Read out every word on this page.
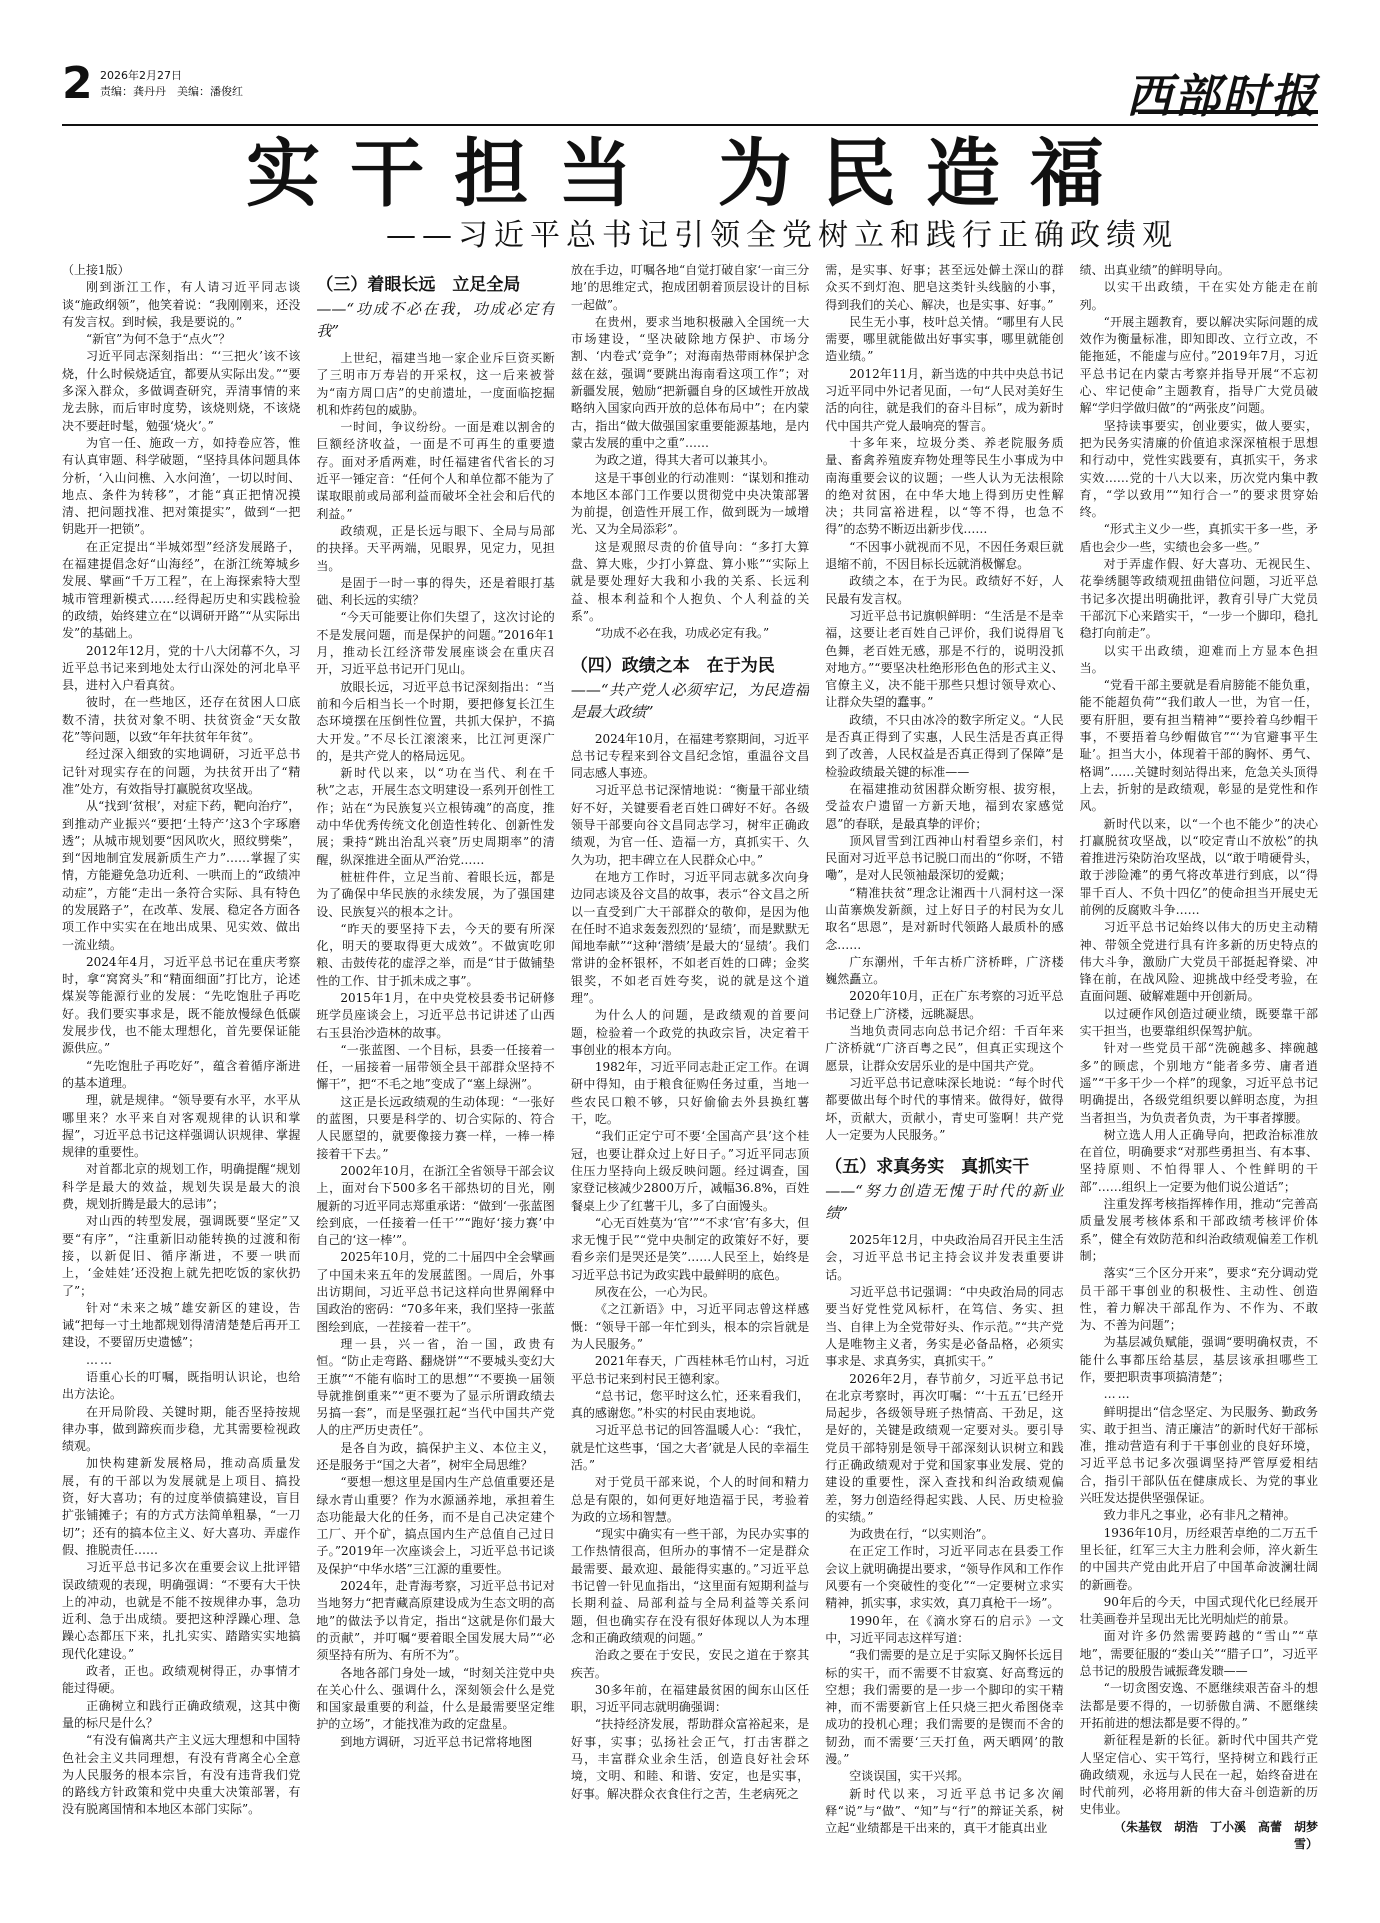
2 2026年2月27日
责编：龚丹丹　美编：潘俊红	西部时报
实干担当 为民造福
——习近平总书记引领全党树立和践行正确政绩观

（上接1版）

刚到浙江工作，有人请习近平同志谈谈“施政纲领”，他笑着说：“我刚刚来，还没有发言权。到时候，我是要说的。”

“新官”为何不急于“点火”？

习近平同志深刻指出：“‘三把火’该不该烧，什么时候烧适宜，都要从实际出发。”“要多深入群众，多做调查研究，弄清事情的来龙去脉，而后审时度势，该烧则烧，不该烧决不要赶时髦，勉强‘烧火’。”

为官一任、施政一方，如持卷应答，惟有认真审题、科学破题，“坚持具体问题具体分析，‘入山问樵、入水问渔’，一切以时间、地点、条件为转移”，才能“真正把情况摸清、把问题找准、把对策提实”，做到“一把钥匙开一把锁”。

在正定提出“半城郊型”经济发展路子，在福建提倡念好“山海经”，在浙江统筹城乡发展、擘画“千万工程”，在上海探索特大型城市管理新模式……经得起历史和实践检验的政绩，始终建立在“以调研开路”“从实际出发”的基础上。

2012年12月，党的十八大闭幕不久，习近平总书记来到地处太行山深处的河北阜平县，进村入户看真贫。

彼时，在一些地区，还存在贫困人口底数不清，扶贫对象不明、扶贫资金“天女散花”等问题，以致“年年扶贫年年贫”。

经过深入细致的实地调研，习近平总书记针对现实存在的问题，为扶贫开出了“精准”处方，有效指导打赢脱贫攻坚战。

从“找到‘贫根’，对症下药，靶向治疗”，到推动产业振兴“要把‘土特产’这3个字琢磨透”；从城市规划要“因风吹火，照纹劈柴”，到“因地制宜发展新质生产力”……掌握了实情，方能避免急功近利、一哄而上的“政绩冲动症”，方能“走出一条符合实际、具有特色的发展路子”，在改革、发展、稳定各方面各项工作中实实在在地出成果、见实效、做出一流业绩。

2024年4月，习近平总书记在重庆考察时，拿“窝窝头”和“精面细面”打比方，论述煤炭等能源行业的发展：“先吃饱肚子再吃好。我们要实事求是，既不能放慢绿色低碳发展步伐，也不能太理想化，首先要保证能源供应。”

“先吃饱肚子再吃好”，蕴含着循序渐进的基本道理。

理，就是规律。“领导要有水平，水平从哪里来？水平来自对客观规律的认识和掌握”，习近平总书记这样强调认识规律、掌握规律的重要性。

对首都北京的规划工作，明确提醒“规划科学是最大的效益，规划失误是最大的浪费，规划折腾是最大的忌讳”；

对山西的转型发展，强调既要“坚定”又要“有序”，“注重新旧动能转换的过渡和衔接，以新促旧、循序渐进，不要一哄而上，‘金娃娃’还没抱上就先把吃饭的家伙扔了”；

针对“未来之城”雄安新区的建设，告诫“把每一寸土地都规划得清清楚楚后再开工建设，不要留历史遗憾”；

……

语重心长的叮嘱，既指明认识论，也给出方法论。

在开局阶段、关键时期，能否坚持按规律办事，做到蹄疾而步稳，尤其需要检视政绩观。

加快构建新发展格局，推动高质量发展，有的干部以为发展就是上项目、搞投资，好大喜功；有的过度举债搞建设，盲目扩张铺摊子；有的方式方法简单粗暴，“一刀切”；还有的搞本位主义、好大喜功、弄虚作假、推脱责任……

习近平总书记多次在重要会议上批评错误政绩观的表现，明确强调：“不要有大干快上的冲动，也就是不能不按规律办事，急功近利、急于出成绩。要把这种浮躁心理、急躁心态都压下来，扎扎实实、踏踏实实地搞现代化建设。”

政者，正也。政绩观树得正，办事情才能过得硬。

正确树立和践行正确政绩观，这其中衡量的标尺是什么？

“有没有偏离共产主义远大理想和中国特色社会主义共同理想，有没有背离全心全意为人民服务的根本宗旨，有没有违背我们党的路线方针政策和党中央重大决策部署，有没有脱离国情和本地区本部门实际”。

（三）着眼长远　立足全局
——“功成不必在我，功成必定有我”

上世纪，福建当地一家企业斥巨资买断了三明市万寿岩的开采权，这一后来被誉为“南方周口店”的史前遗址，一度面临挖掘机和炸药包的威胁。

一时间，争议纷纷。一面是难以割舍的巨额经济收益，一面是不可再生的重要遗存。面对矛盾两难，时任福建省代省长的习近平一锤定音：“任何个人和单位都不能为了谋取眼前或局部利益而破坏全社会和后代的利益。”

政绩观，正是长远与眼下、全局与局部的抉择。天平两端，见眼界，见定力，见担当。

是固于一时一事的得失，还是着眼打基础、利长远的实绩？

“今天可能要让你们失望了，这次讨论的不是发展问题，而是保护的问题。”2016年1月，推动长江经济带发展座谈会在重庆召开，习近平总书记开门见山。

放眼长远，习近平总书记深刻指出：“当前和今后相当长一个时期，要把修复长江生态环境摆在压倒性位置，共抓大保护，不搞大开发。”不尽长江滚滚来，比江河更深广的，是共产党人的格局远见。

新时代以来，以“功在当代、利在千秋”之志，开展生态文明建设一系列开创性工作；站在“为民族复兴立根铸魂”的高度，推动中华优秀传统文化创造性转化、创新性发展；秉持“跳出治乱兴衰”历史周期率”的清醒，纵深推进全面从严治党……

桩桩件件，立足当前、着眼长远，都是为了确保中华民族的永续发展，为了强国建设、民族复兴的根本之计。

“昨天的要坚持下去，今天的要有所深化，明天的要取得更大成效”。不做寅吃卯粮、击鼓传花的虚浮之举，而是“甘于做铺垫性的工作、甘于抓未成之事”。

2015年1月，在中央党校县委书记研修班学员座谈会上，习近平总书记讲述了山西右玉县治沙造林的故事。

“一张蓝图、一个目标，县委一任接着一任，一届接着一届带领全县干部群众坚持不懈干”，把“不毛之地”变成了“塞上绿洲”。

这正是长远政绩观的生动体现：“一张好的蓝图，只要是科学的、切合实际的、符合人民愿望的，就要像接力赛一样，一棒一棒接着干下去。”

2002年10月，在浙江全省领导干部会议上，面对台下500多名干部热切的目光，刚履新的习近平同志郑重承诺：“做到‘一张蓝图绘到底，一任接着一任干’”“跑好‘接力赛’中自己的‘这一棒’”。

2025年10月，党的二十届四中全会擘画了中国未来五年的发展蓝图。一周后，外事出访期间，习近平总书记这样向世界阐释中国政治的密码：“70多年来，我们坚持一张蓝图绘到底，一茬接着一茬干”。

理一县，兴一省，治一国，政贵有恒。“防止走弯路、翻烧饼”“不要城头变幻大王旗”“不能有临时工的思想”“不要换一届领导就推倒重来”“更不要为了显示所谓政绩去另搞一套”，而是坚强扛起“当代中国共产党人的庄严历史责任”。

是各自为政，搞保护主义、本位主义，还是服务于“国之大者”，树牢全局思维？

“要想一想这里是国内生产总值重要还是绿水青山重要？作为水源涵养地，承担着生态功能最大化的任务，而不是自己决定建个工厂、开个矿，搞点国内生产总值自己过日子。”2019年一次座谈会上，习近平总书记谈及保护“中华水塔”三江源的重要性。

2024年，赴青海考察，习近平总书记对当地努力“把青藏高原建设成为生态文明的高地”的做法予以肯定，指出“这就是你们最大的贡献”，并叮嘱“要着眼全国发展大局”“必须坚持有所为、有所不为”。

各地各部门身处一域，“时刻关注党中央在关心什么、强调什么，深刻领会什么是党和国家最重要的利益，什么是最需要坚定维护的立场”，才能找准为政的定盘星。

到地方调研，习近平总书记常将地图

放在手边，叮嘱各地“自觉打破自家‘一亩三分地’的思维定式，抱成团朝着顶层设计的目标一起做”。

在贵州，要求当地积极融入全国统一大市场建设，“坚决破除地方保护、市场分割、‘内卷式’竞争”；对海南热带雨林保护念兹在兹，强调“要跳出海南看这项工作”；对新疆发展，勉励“把新疆自身的区域性开放战略纳入国家向西开放的总体布局中”；在内蒙古，指出“做大做强国家重要能源基地，是内蒙古发展的重中之重”……

为政之道，得其大者可以兼其小。

这是干事创业的行动准则：“谋划和推动本地区本部门工作要以贯彻党中央决策部署为前提，创造性开展工作，做到既为一域增光、又为全局添彩”。

这是观照尽责的价值导向：“多打大算盘、算大账，少打小算盘、算小账”“实际上就是要处理好大我和小我的关系、长远利益、根本利益和个人抱负、个人利益的关系”。

“功成不必在我，功成必定有我。”

（四）政绩之本　在于为民
——“共产党人必须牢记，为民造福是最大政绩”

2024年10月，在福建考察期间，习近平总书记专程来到谷文昌纪念馆，重温谷文昌同志感人事迹。

习近平总书记深情地说：“衡量干部业绩好不好，关键要看老百姓口碑好不好。各级领导干部要向谷文昌同志学习，树牢正确政绩观，为官一任、造福一方，真抓实干、久久为功，把丰碑立在人民群众心中。”

在地方工作时，习近平同志就多次向身边同志谈及谷文昌的故事，表示“谷文昌之所以一直受到广大干部群众的敬仰，是因为他在任时不追求轰轰烈烈的‘显绩’，而是默默无闻地奉献”“这种‘潜绩’是最大的‘显绩’。我们常讲的金杯银杯，不如老百姓的口碑；金奖银奖，不如老百姓夸奖，说的就是这个道理”。

为什么人的问题，是政绩观的首要问题，检验着一个政党的执政宗旨，决定着干事创业的根本方向。

1982年，习近平同志赴正定工作。在调研中得知，由于粮食征购任务过重，当地一些农民口粮不够，只好偷偷去外县换红薯干，吃。

“我们正定宁可不要‘全国高产县’这个桂冠，也要让群众过上好日子。”习近平同志顶住压力坚持向上级反映问题。经过调查，国家登记核减少2800万斤，减幅36.8%，百姓餐桌上少了红薯干儿，多了白面馒头。

“心无百姓莫为‘官’”“不求‘官’有多大，但求无愧于民”“党中央制定的政策好不好，要看乡亲们是哭还是笑”……人民至上，始终是习近平总书记为政实践中最鲜明的底色。

夙夜在公，一心为民。

《之江新语》中，习近平同志曾这样感慨：“领导干部一年忙到头，根本的宗旨就是为人民服务。”

2021年春天，广西桂林毛竹山村，习近平总书记来到村民王德利家。

“总书记，您平时这么忙，还来看我们，真的感谢您。”朴实的村民由衷地说。

习近平总书记的回答温暖人心：“我忙，就是忙这些事，‘国之大者’就是人民的幸福生活。”

对于党员干部来说，个人的时间和精力总是有限的，如何更好地造福于民，考验着为政的立场和智慧。

“现实中确实有一些干部，为民办实事的工作热情很高，但所办的事情不一定是群众最需要、最欢迎、最能得实惠的。”习近平总书记曾一针见血指出，“这里面有短期利益与长期利益、局部利益与全局利益等关系问题，但也确实存在没有很好体现以人为本理念和正确政绩观的问题。”

治政之要在于安民，安民之道在于察其疾苦。

30多年前，在福建最贫困的闽东山区任职，习近平同志就明确强调：

“扶持经济发展，帮助群众富裕起来，是好事，实事；弘扬社会正气，打击害群之马，丰富群众业余生活，创造良好社会环境，文明、和睦、和谐、安定，也是实事，好事。解决群众衣食住行之苦，生老病死之

需，是实事、好事；甚至远处僻土深山的群众买不到灯泡、肥皂这类针头线脑的小事，得到我们的关心、解决，也是实事、好事。”

民生无小事，枝叶总关情。“哪里有人民需要，哪里就能做出好事实事，哪里就能创造业绩。”

2012年11月，新当选的中共中央总书记习近平同中外记者见面，一句“人民对美好生活的向往，就是我们的奋斗目标”，成为新时代中国共产党人最响亮的誓言。

十多年来，垃圾分类、养老院服务质量、畜禽养殖废弃物处理等民生小事成为中南海重要会议的议题；一些人认为无法根除的绝对贫困，在中华大地上得到历史性解决；共同富裕进程，以“等不得，也急不得”的态势不断迈出新步伐……

“不因事小就视而不见，不因任务艰巨就退缩不前，不因目标长远就消极懈怠。

政绩之本，在于为民。政绩好不好，人民最有发言权。

习近平总书记旗帜鲜明：“生活是不是幸福，这要让老百姓自己评价，我们说得眉飞色舞，老百姓无感，那是不行的，说明没抓对地方。”“要坚决杜绝形形色色的形式主义、官僚主义，决不能干那些只想讨领导欢心、让群众失望的蠢事。”

政绩，不只由冰冷的数字所定义。“人民是否真正得到了实惠，人民生活是否真正得到了改善，人民权益是否真正得到了保障”是检验政绩最关键的标准——

在福建推动贫困群众断穷根、拔穷根，受益农户遗留一方新天地，福到农家感觉恩”的春联，是最真挚的评价；

顶风冒雪到江西神山村看望乡亲们，村民面对习近平总书记脱口而出的“你呀，不错嘞”，是对人民领袖最深切的爱戴；

“精准扶贫”理念让湘西十八洞村这一深山苗寨焕发新颜，过上好日子的村民为女儿取名“思恩”，是对新时代领路人最质朴的感念……

广东潮州，千年古桥广济桥畔，广济楼巍然矗立。

2020年10月，正在广东考察的习近平总书记登上广济楼，远眺凝思。

当地负责同志向总书记介绍：千百年来广济桥就“广济百粤之民”，但真正实现这个愿景，让群众安居乐业的是中国共产党。

习近平总书记意味深长地说：“每个时代都要做出每个时代的事情来。做得好，做得坏，贡献大，贡献小，青史可鉴啊！共产党人一定要为人民服务。”

（五）求真务实　真抓实干
——“努力创造无愧于时代的新业绩”

2025年12月，中央政治局召开民主生活会，习近平总书记主持会议并发表重要讲话。

习近平总书记强调：“中央政治局的同志要当好党性党风标杆，在笃信、务实、担当、自律上为全党带好头、作示范。”“共产党人是唯物主义者，务实是必备品格，必须实事求是、求真务实，真抓实干。”

2026年2月，春节前夕，习近平总书记在北京考察时，再次叮嘱：“‘十五五’已经开局起步，各级领导班子热情高、干劲足，这是好的，关键是政绩观一定要对头。要引导党员干部特别是领导干部深刻认识树立和践行正确政绩观对于党和国家事业发展、党的建设的重要性，深入查找和纠治政绩观偏差，努力创造经得起实践、人民、历史检验的实绩。”

为政贵在行，“以实则治”。

在正定工作时，习近平同志在县委工作会议上就明确提出要求，“领导作风和工作作风要有一个突破性的变化”“一定要树立求实精神，抓实事，求实效，真刀真枪干一场”。

1990年，在《滴水穿石的启示》一文中，习近平同志这样写道：

“我们需要的是立足于实际又胸怀长远目标的实干，而不需要不甘寂寞、好高骛远的空想；我们需要的是一步一个脚印的实干精神，而不需要新官上任只烧三把火希图侥幸成功的投机心理；我们需要的是锲而不舍的韧劲，而不需要‘三天打鱼，两天晒网’的散漫。”

空谈误国，实干兴邦。

新时代以来，习近平总书记多次阐释“说”与“做”、“知”与“行”的辩证关系，树立起“业绩都是干出来的，真干才能真出业

绩、出真业绩”的鲜明导向。

以实干出政绩，干在实处方能走在前列。

“开展主题教育，要以解决实际问题的成效作为衡量标准，即知即改、立行立改，不能拖延，不能虚与应付。”2019年7月，习近平总书记在内蒙古考察并指导开展“不忘初心、牢记使命”主题教育，指导广大党员破解“学归学做归做”的“两张皮”问题。

坚持读事要实，创业要实，做人要实，把为民务实清廉的价值追求深深植根于思想和行动中，党性实践要有，真抓实干，务求实效……党的十八大以来，历次党内集中教育，“学以致用”“知行合一”的要求贯穿始终。

“形式主义少一些，真抓实干多一些，矛盾也会少一些，实绩也会多一些。”

对于弄虚作假、好大喜功、无视民生、花拳绣腿等政绩观扭曲错位问题，习近平总书记多次提出明确批评，教育引导广大党员干部沉下心来踏实干，“一步一个脚印，稳扎稳打向前走”。

以实干出政绩，迎难而上方显本色担当。

“党看干部主要就是看肩膀能不能负重，能不能超负荷”“我们敢人一世，为官一任，要有肝胆，要有担当精神”“要拎着乌纱帽干事，不要捂着乌纱帽做官”“‘为官避事平生耻’。担当大小，体现着干部的胸怀、勇气、格调”……关键时刻站得出来，危急关头顶得上去，折射的是政绩观，彰显的是党性和作风。

新时代以来，以“一个也不能少”的决心打赢脱贫攻坚战，以“咬定青山不放松”的执着推进污染防治攻坚战，以“敢于啃硬骨头，敢于涉险滩”的勇气将改革进行到底，以“得罪千百人、不负十四亿”的使命担当开展史无前例的反腐败斗争……

习近平总书记始终以伟大的历史主动精神、带领全党进行具有许多新的历史特点的伟大斗争，激励广大党员干部挺起脊梁、冲锋在前，在战风险、迎挑战中经受考验，在直面问题、破解难题中开创新局。

以过硬作风创造过硬业绩，既要靠干部实干担当，也要靠组织保驾护航。

针对一些党员干部“洗碗越多、摔碗越多”的顾虑，个别地方“能者多劳、庸者逍遥”“干多干少一个样”的现象，习近平总书记明确提出，各级党组织要以鲜明态度，为担当者担当，为负责者负责，为干事者撑腰。

树立选人用人正确导向，把政治标准放在首位，明确要求“对那些勇担当、有本事、坚持原则、不怕得罪人、个性鲜明的干部”……组织上一定要为他们说公道话”；

注重发挥考核指挥棒作用，推动“完善高质量发展考核体系和干部政绩考核评价体系”，健全有效防范和纠治政绩观偏差工作机制；

落实“三个区分开来”，要求“充分调动党员干部干事创业的积极性、主动性、创造性，着力解决干部乱作为、不作为、不敢为、不善为问题”；

为基层减负赋能，强调“要明确权责，不能什么事都压给基层，基层该承担哪些工作，要把职责事项搞清楚”；

……

鲜明提出“信念坚定、为民服务、勤政务实、敢于担当、清正廉洁”的新时代好干部标准，推动营造有利于干事创业的良好环境，习近平总书记多次强调坚持严管厚爱相结合，指引干部队伍在健康成长、为党的事业兴旺发达提供坚强保证。

致力非凡之事业，必有非凡之精神。

1936年10月，历经艰苦卓绝的二万五千里长征，红军三大主力胜利会师，淬火新生的中国共产党由此开启了中国革命波澜壮阔的新画卷。

90年后的今天，中国式现代化已经展开壮美画卷并呈现出无比光明灿烂的前景。

面对许多仍然需要跨越的“雪山”“草地”，需要征服的“娄山关”“腊子口”，习近平总书记的殷殷告诫振聋发聩——

“一切贪图安逸、不愿继续艰苦奋斗的想法都是要不得的，一切骄傲自满、不愿继续开拓前进的想法都是要不得的。”

新征程是新的长征。新时代中国共产党人坚定信心、实干笃行，坚持树立和践行正确政绩观，永远与人民在一起，始终奋进在时代前列，必将用新的伟大奋斗创造新的历史伟业。

（朱基钗　胡浩　丁小溪　高蕾　胡梦雪）
